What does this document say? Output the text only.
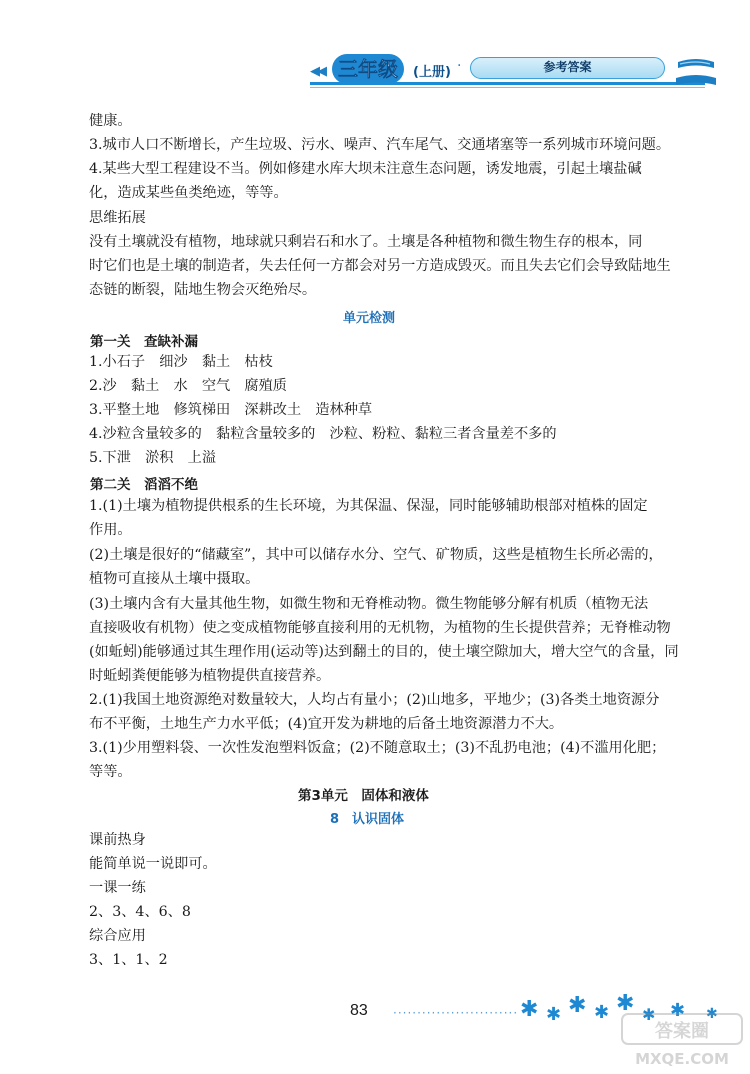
◀◀ 三年级	(上册) ·	参考答案
健康。
3.城市人口不断增长，产生垃圾、污水、噪声、汽车尾气、交通堵塞等一系列城市环境问题。
4.某些大型工程建设不当。例如修建水库大坝未注意生态问题，诱发地震，引起土壤盐碱
化，造成某些鱼类绝迹，等等。
思维拓展
没有土壤就没有植物，地球就只剩岩石和水了。土壤是各种植物和微生物生存的根本，同
时它们也是土壤的制造者，失去任何一方都会对另一方造成毁灭。而且失去它们会导致陆地生
态链的断裂，陆地生物会灭绝殆尽。
单元检测
第一关　查缺补漏
1.小石子　细沙　黏土　枯枝
2.沙　黏土　水　空气　腐殖质
3.平整土地　修筑梯田　深耕改土　造林种草
4.沙粒含量较多的　黏粒含量较多的　沙粒、粉粒、黏粒三者含量差不多的
5.下泄　淤积　上溢
第二关　滔滔不绝
1.(1)土壤为植物提供根系的生长环境，为其保温、保湿，同时能够辅助根部对植株的固定
作用。
(2)土壤是很好的“储藏室”，其中可以储存水分、空气、矿物质，这些是植物生长所必需的，
植物可直接从土壤中摄取。
(3)土壤内含有大量其他生物，如微生物和无脊椎动物。微生物能够分解有机质（植物无法
直接吸收有机物）使之变成植物能够直接利用的无机物，为植物的生长提供营养；无脊椎动物
(如蚯蚓)能够通过其生理作用(运动等)达到翻土的目的，使土壤空隙加大，增大空气的含量，同
时蚯蚓粪便能够为植物提供直接营养。
2.(1)我国土地资源绝对数量较大，人均占有量小；(2)山地多，平地少；(3)各类土地资源分
布不平衡，土地生产力水平低；(4)宜开发为耕地的后备土地资源潜力不大。
3.(1)少用塑料袋、一次性发泡塑料饭盒；(2)不随意取土；(3)不乱扔电池；(4)不滥用化肥；
等等。
第3单元　固体和液体
8　认识固体
课前热身
能简单说一说即可。
一课一练
2、3、4、6、8
综合应用
3、1、1、2
83 ·························· ✱ ✱ ✱ ✱ ✱ ✱ ✱ ✱
答案圈
MXQE.COM
